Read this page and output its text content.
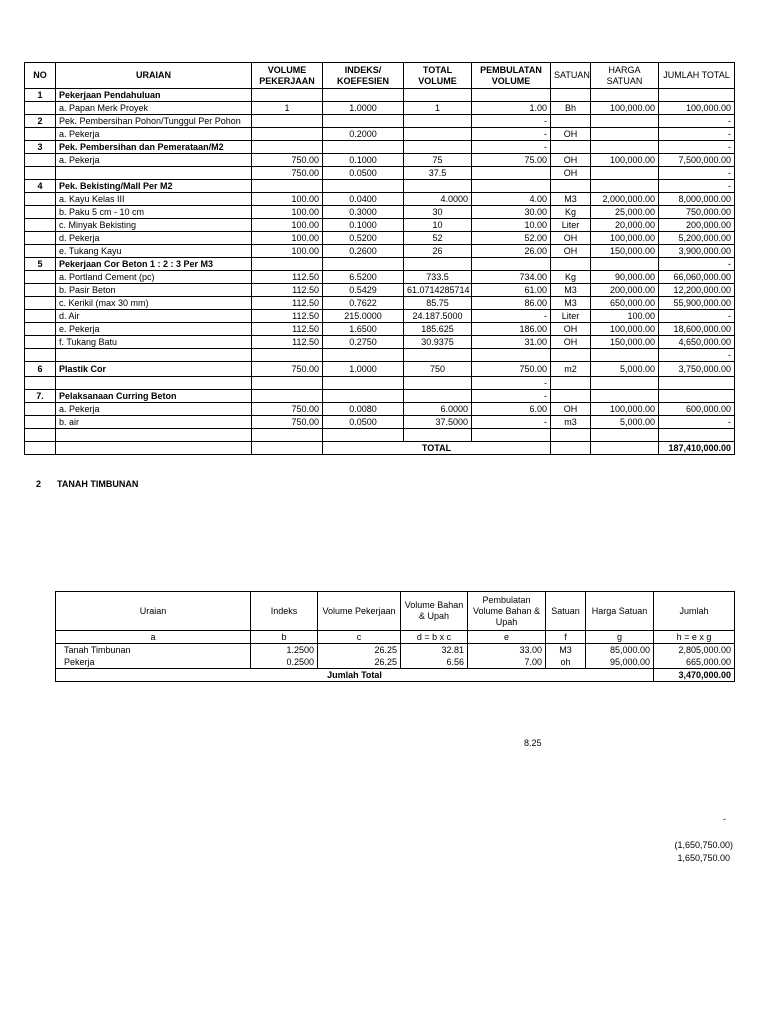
NO	URAIAN	VOLUME PEKERJAAN	INDEKS/ KOEFESIEN	TOTAL VOLUME	PEMBULATAN VOLUME	SATUAN	HARGA SATUAN	JUMLAH TOTAL
1	Pekerjaan Pendahuluan							
	a. Papan Merk Proyek	1	1.0000	1	1.00	Bh	100,000.00	100,000.00
2	Pek. Pembersihan Pohon/Tunggul Per Pohon				-			-
	a. Pekerja		0.2000		-	OH		-
3	Pek. Pembersihan dan Pemerataan/M2				-			-
	a. Pekerja	750.00	0.1000	75	75.00	OH	100,000.00	7,500,000.00
		750.00	0.0500	37.5		OH		-
4	Pek. Bekisting/Mall Per M2							-
	a. Kayu Kelas III	100.00	0.0400	4.0000	4.00	M3	2,000,000.00	8,000,000.00
	b. Paku 5 cm - 10 cm	100.00	0.3000	30	30.00	Kg	25,000.00	750,000.00
	c. Minyak Bekisting	100.00	0.1000	10	10.00	Liter	20,000.00	200,000.00
	d. Pekerja	100.00	0.5200	52	52.00	OH	100,000.00	5,200,000.00
	e. Tukang Kayu	100.00	0.2600	26	26.00	OH	150,000.00	3,900,000.00
5	Pekerjaan Cor Beton 1 : 2 : 3 Per M3							-
	a. Portland Cement (pc)	112.50	6.5200	733.5	734.00	Kg	90,000.00	66,060,000.00
	b. Pasir Beton	112.50	0.5429	61.0714285714	61.00	M3	200,000.00	12,200,000.00
	c. Kerikil (max 30 mm)	112.50	0.7622	85.75	86.00	M3	650,000.00	55,900,000.00
	d. Air	112.50	215.0000	24.187.5000	-	Liter	100.00	-
	e. Pekerja	112.50	1.6500	185.625	186.00	OH	100,000.00	18,600,000.00
	f. Tukang Batu	112.50	0.2750	30.9375	31.00	OH	150,000.00	4,650,000.00
								-
6	Plastik Cor	750.00	1.0000	750	750.00	m2	5,000.00	3,750,000.00
					-			
7.	Pelaksanaan Curring Beton				-			
	a. Pekerja	750.00	0.0080	6.0000	6.00	OH	100,000.00	600,000.00
	b. air	750.00	0.0500	37.5000	-	m3	5,000.00	-

			TOTAL					187,410,000.00
2 TANAH TIMBUNAN
Uraian	Indeks	Volume Pekerjaan	Volume Bahan & Upah	Pembulatan Volume Bahan & Upah	Satuan	Harga Satuan	Jumlah
a	b	c	d = b x c	e	f	g	h = e x g
Tanah Timbunan	1.2500	26.25	32.81	33.00	M3	85,000.00	2,805,000.00
Pekerja	0.2500	26.25	6.56	7.00	oh	95,000.00	665,000.00
Jumlah Total							3,470,000.00
8.25
-
(1,650,750.00)
1,650,750.00
